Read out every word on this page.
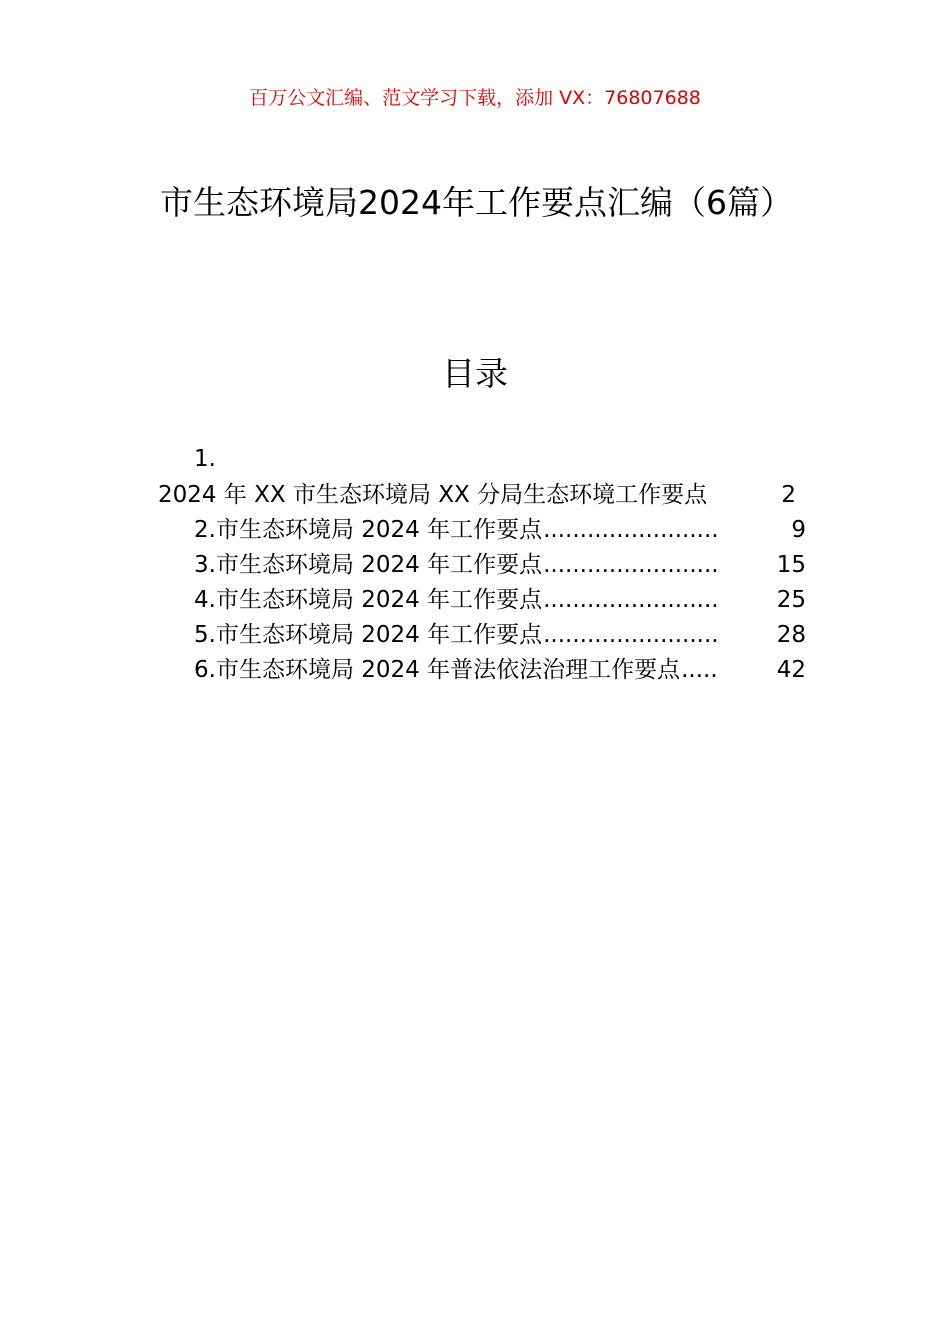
百万公文汇编、范文学习下载，添加 VX：76807688
市生态环境局2024年工作要点汇编（6篇）
目录
1.
2024 年 XX 市生态环境局 XX 分局生态环境工作要点	2
2.市生态环境局 2024 年工作要点 ........................	9
3.市生态环境局 2024 年工作要点 ........................	15
4.市生态环境局 2024 年工作要点 ........................	25
5.市生态环境局 2024 年工作要点 ........................	28
6.市生态环境局 2024 年普法依法治理工作要点 .....	42
